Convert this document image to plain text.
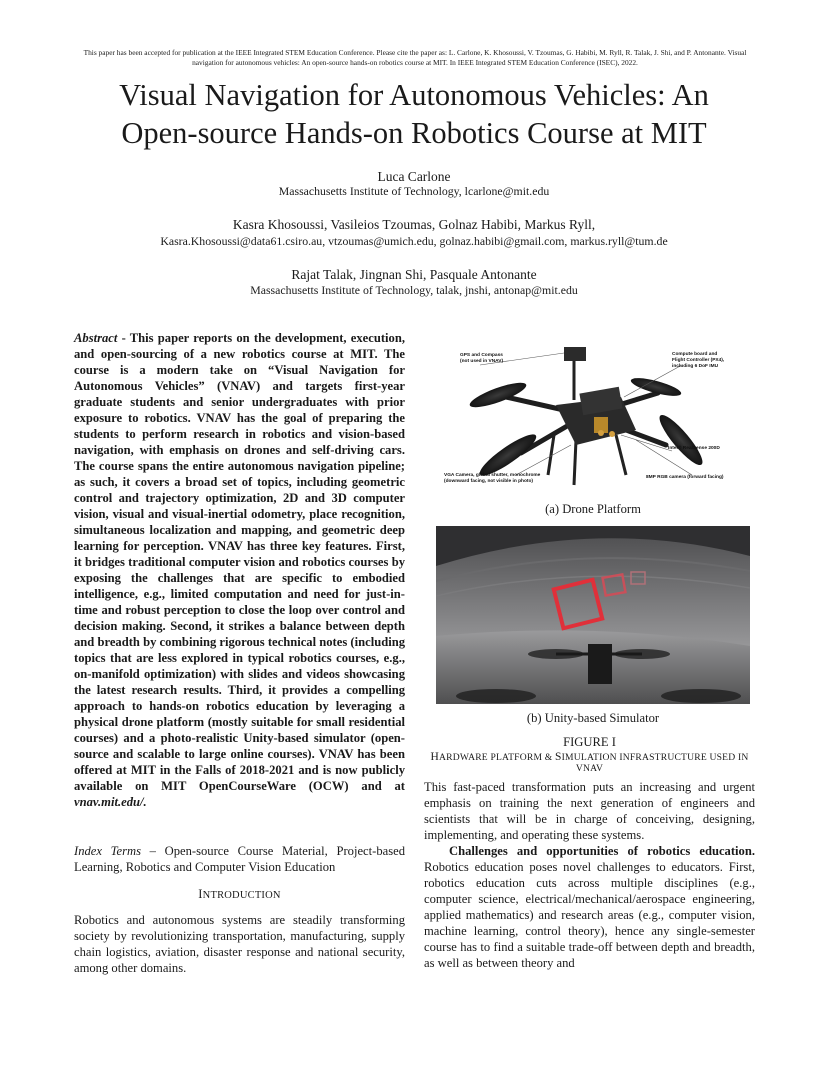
This paper has been accepted for publication at the IEEE Integrated STEM Education Conference. Please cite the paper as: L. Carlone, K. Khosoussi, V. Tzoumas, G. Habibi, M. Ryll, R. Talak, J. Shi, and P. Antonante. Visual navigation for autonomous vehicles: An open-source hands-on robotics course at MIT. In IEEE Integrated STEM Education Conference (ISEC), 2022.
Visual Navigation for Autonomous Vehicles: An
Open-source Hands-on Robotics Course at MIT
Luca Carlone
Massachusetts Institute of Technology, lcarlone@mit.edu
Kasra Khosoussi, Vasileios Tzoumas, Golnaz Habibi, Markus Ryll,
Kasra.Khosoussi@data61.csiro.au, vtzoumas@umich.edu, golnaz.habibi@gmail.com, markus.ryll@tum.de
Rajat Talak, Jingnan Shi, Pasquale Antonante
Massachusetts Institute of Technology, talak, jnshi, antonap@mit.edu
Abstract - This paper reports on the development, execution, and open-sourcing of a new robotics course at MIT. The course is a modern take on “Visual Navigation for Autonomous Vehicles” (VNAV) and targets first-year graduate students and senior undergraduates with prior exposure to robotics. VNAV has the goal of preparing the students to perform research in robotics and vision-based navigation, with emphasis on drones and self-driving cars. The course spans the entire autonomous navigation pipeline; as such, it covers a broad set of topics, including geometric control and trajectory optimization, 2D and 3D computer vision, visual and visual-inertial odometry, place recognition, simultaneous localization and mapping, and geometric deep learning for perception. VNAV has three key features. First, it bridges traditional computer vision and robotics courses by exposing the challenges that are specific to embodied intelligence, e.g., limited computation and need for just-in-time and robust perception to close the loop over control and decision making. Second, it strikes a balance between depth and breadth by combining rigorous technical notes (including topics that are less explored in typical robotics courses, e.g., on-manifold optimization) with slides and videos showcasing the latest research results. Third, it provides a compelling approach to hands-on robotics education by leveraging a physical drone platform (mostly suitable for small residential courses) and a photo-realistic Unity-based simulator (open-source and scalable to large online courses). VNAV has been offered at MIT in the Falls of 2018-2021 and is now publicly available on MIT OpenCourseWare (OCW) and at vnav.mit.edu/.
Index Terms – Open-source Course Material, Project-based Learning, Robotics and Computer Vision Education
INTRODUCTION
Robotics and autonomous systems are steadily transforming society by revolutionizing transportation, manufacturing, supply chain logistics, aviation, disaster response and national security, among other domains.
GPS and Compass
(not used in VNAV)
Compute board and
Flight Controller (PX4),
including 6 DoF IMU
Intel® RealSense 200D
VGA Camera, global shutter, monochrome
(downward facing, not visible in photo)
8MP RGB camera (forward facing)
(a) Drone Platform
(b) Unity-based Simulator
FIGURE I
HARDWARE PLATFORM & SIMULATION INFRASTRUCTURE USED IN VNAV

This fast-paced transformation puts an increasing and urgent emphasis on training the next generation of engineers and scientists that will be in charge of conceiving, designing, implementing, and operating these systems.

Challenges and opportunities of robotics education. Robotics education poses novel challenges to educators. First, robotics education cuts across multiple disciplines (e.g., computer science, electrical/mechanical/aerospace engineering, applied mathematics) and research areas (e.g., computer vision, machine learning, control theory), hence any single-semester course has to find a suitable trade-off between depth and breadth, as well as between theory and
